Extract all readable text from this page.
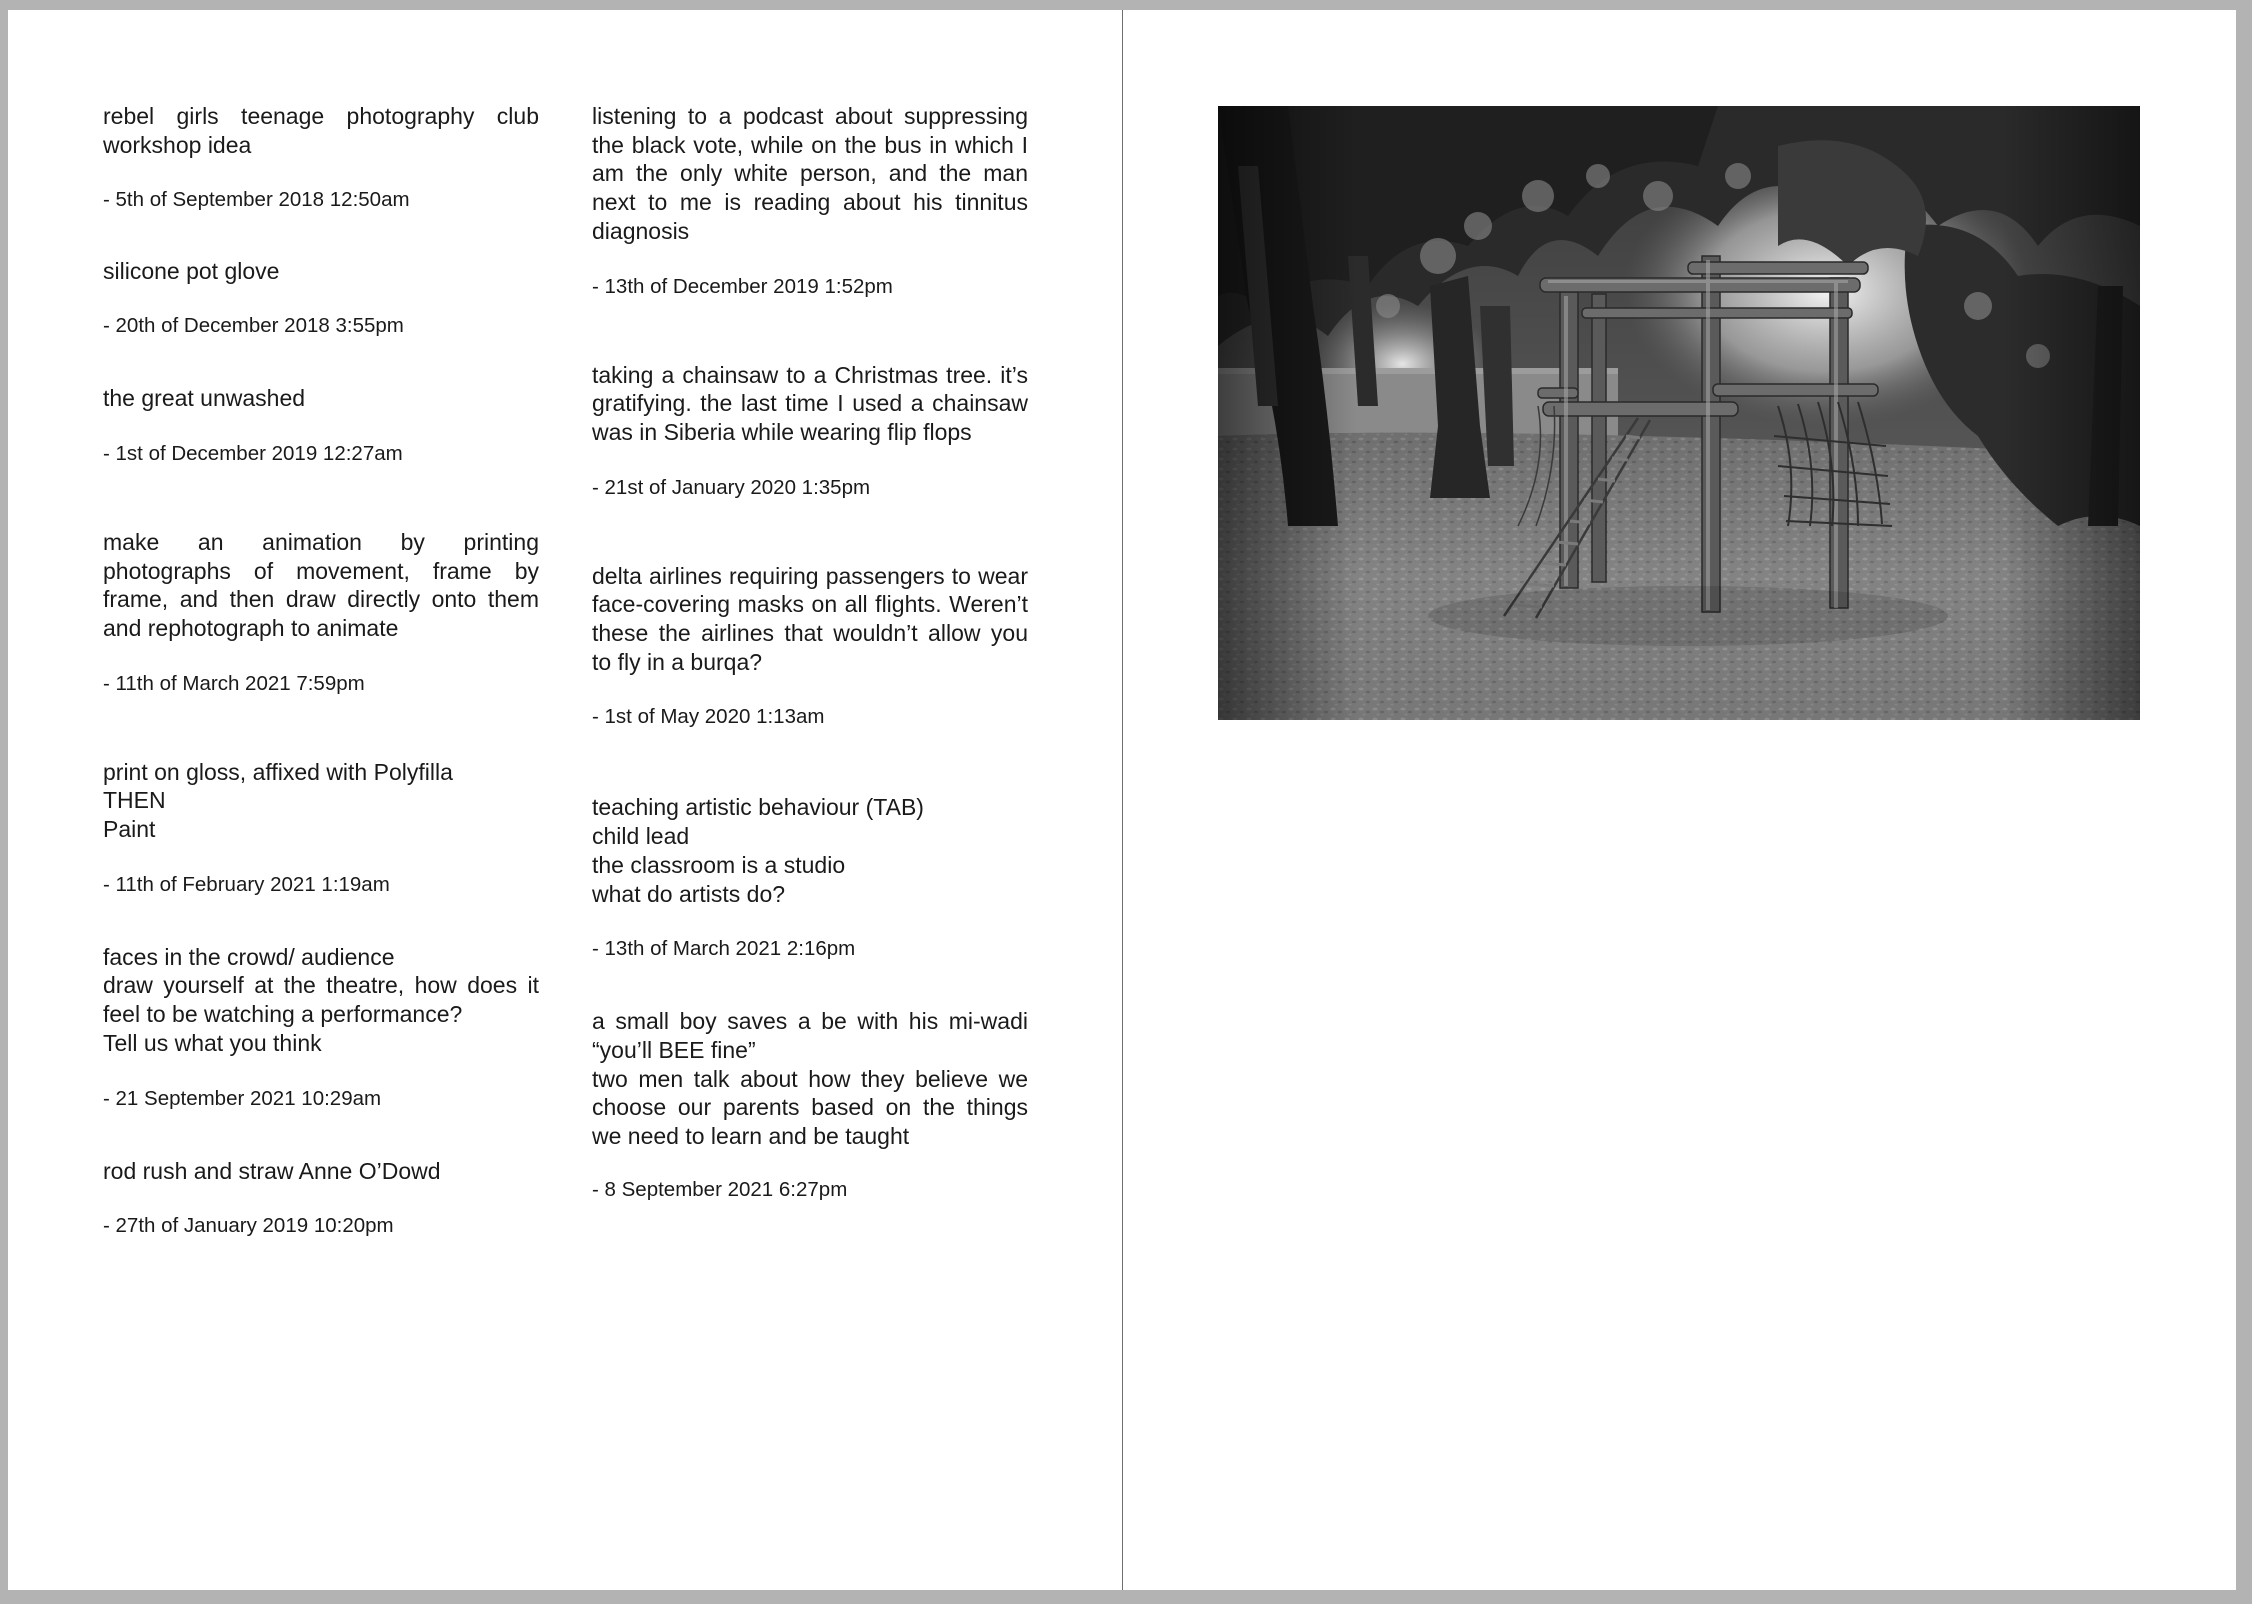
rebel girls teenage photography club workshop idea

- 5th of September 2018 12:50am

silicone pot glove

- 20th of December 2018 3:55pm

the great unwashed

- 1st of December 2019 12:27am

make an animation by printing photographs of movement, frame by frame, and then draw directly onto them and rephotograph to animate

- 11th of March 2021 7:59pm

print on gloss, affixed with Polyfilla
THEN
Paint

- 11th of February 2021 1:19am

faces in the crowd/ audience
draw yourself at the theatre, how does it feel to be watching a performance?
Tell us what you think

- 21 September 2021 10:29am

rod rush and straw Anne O’Dowd

- 27th of January 2019 10:20pm

listening to a podcast about suppressing the black vote, while on the bus in which I am the only white person, and the man next to me is reading about his tinnitus diagnosis

- 13th of December 2019 1:52pm

taking a chainsaw to a Christmas tree. it’s gratifying. the last time I used a chainsaw was in Siberia while wearing flip flops

- 21st of January 2020 1:35pm

delta airlines requiring passengers to wear face-covering masks on all flights. Weren’t these the airlines that wouldn’t allow you to fly in a burqa?

- 1st of May 2020 1:13am

teaching artistic behaviour (TAB)
child lead
the classroom is a studio
what do artists do?

- 13th of March 2021 2:16pm

a small boy saves a be with his mi-wadi “you’ll BEE fine”
two men talk about how they believe we choose our parents based on the things we need to learn and be taught

- 8 September 2021 6:27pm
